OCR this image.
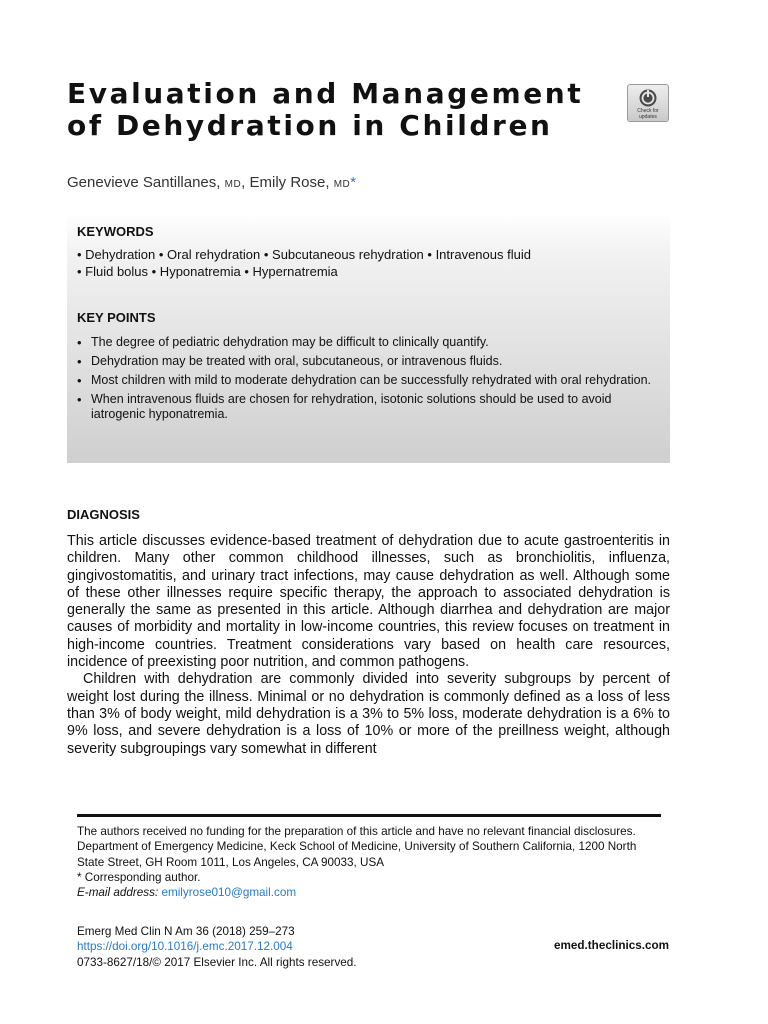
Evaluation and Management
of Dehydration in Children	Check for
updates
Genevieve Santillanes, MD, Emily Rose, MD*
KEYWORDS
• Dehydration • Oral rehydration • Subcutaneous rehydration • Intravenous fluid
• Fluid bolus • Hyponatremia • Hypernatremia
KEY POINTS
• The degree of pediatric dehydration may be difficult to clinically quantify.
• Dehydration may be treated with oral, subcutaneous, or intravenous fluids.
• Most children with mild to moderate dehydration can be successfully rehydrated with oral rehydration.
• When intravenous fluids are chosen for rehydration, isotonic solutions should be used to avoid iatrogenic hyponatremia.
DIAGNOSIS

This article discusses evidence-based treatment of dehydration due to acute gastroenteritis in children. Many other common childhood illnesses, such as bronchiolitis, influenza, gingivostomatitis, and urinary tract infections, may cause dehydration as well. Although some of these other illnesses require specific therapy, the approach to associated dehydration is generally the same as presented in this article. Although diarrhea and dehydration are major causes of morbidity and mortality in low-income countries, this review focuses on treatment in high-income countries. Treatment considerations vary based on health care resources, incidence of preexisting poor nutrition, and common pathogens.

Children with dehydration are commonly divided into severity subgroups by percent of weight lost during the illness. Minimal or no dehydration is commonly defined as a loss of less than 3% of body weight, mild dehydration is a 3% to 5% loss, moderate dehydration is a 6% to 9% loss, and severe dehydration is a loss of 10% or more of the preillness weight, although severity subgroupings vary somewhat in different

The authors received no funding for the preparation of this article and have no relevant financial disclosures.

Department of Emergency Medicine, Keck School of Medicine, University of Southern California, 1200 North State Street, GH Room 1011, Los Angeles, CA 90033, USA

* Corresponding author.

E-mail address: emilyrose010@gmail.com

Emerg Med Clin N Am 36 (2018) 259–273

https://doi.org/10.1016/j.emc.2017.12.004

0733-8627/18/© 2017 Elsevier Inc. All rights reserved.

emed.theclinics.com
